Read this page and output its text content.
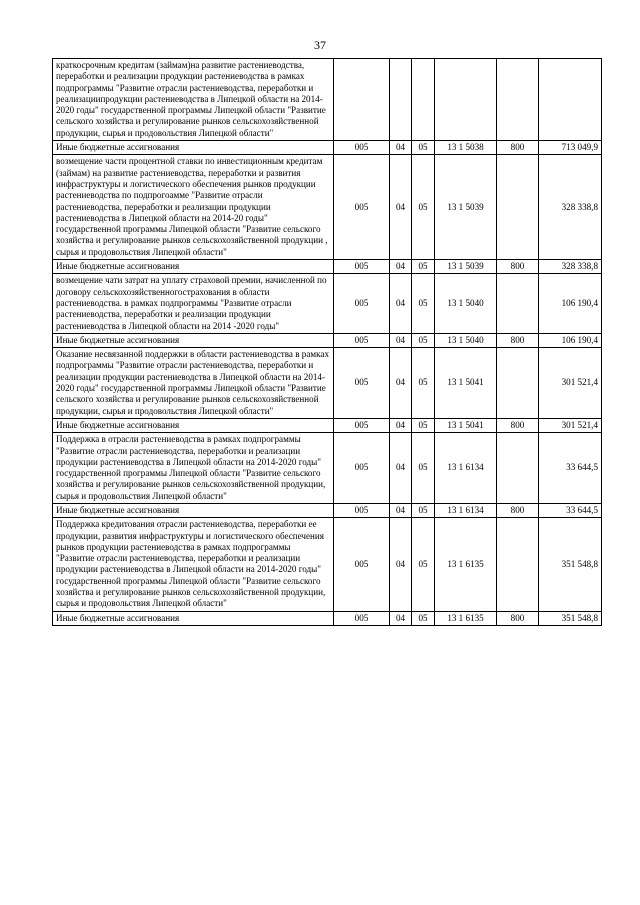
37
краткосрочным кредитам (займам)на развитие растениеводства, переработки и реализации продукции растениеводства в рамках подпрограммы "Развитие отрасли растениеводства, переработки и реализациипродукции растениеводства в Липецкой области на 2014-2020 годы" государственной программы Липецкой области "Развитие сельского хозяйства и регулирование рынков сельскохозяйственной продукции, сырья и продовольствия Липецкой области"						
Иные бюджетные ассигнования	005	04	05	13 1 5038	800	713 049,9
возмещение части процентной ставки по инвестиционным кредитам (займам) на развитие растениеводства, переработки и развития инфраструктуры и логистического обеспечения рынков продукции растениеводства по подпрогоамме "Развитие отрасли растениеводства, переработки и реализации продукции растениеводства в Липецкой области на 2014-20 годы" государственной программы Липецкой области "Развитие сельского хозяйства и регулирование рынков сельскохозяйственной продукции , сырья и продовольствия Липецкой области"	005	04	05	13 1 5039		328 338,8
Иные бюджетные ассигнования	005	04	05	13 1 5039	800	328 338,8
возмещение чати затрат на уплату страховой премии, начисленной по договору сельскохозяйственногострахования в области растениеводства. в рамках подпрограммы "Развитие отрасли растениеводства, переработки и реализации продукции растениеводства в Липецкой области на 2014 -2020 годы"	005	04	05	13 1 5040		106 190,4
Иные бюджетные ассигнования	005	04	05	13 1 5040	800	106 190,4
Оказание несвязанной поддержки в области растениеводства в рамках подпрограммы "Развитие отрасли растениеводства, переработки и реализации продукции растениеводства в Липецкой области на 2014-2020 годы" государственной программы Липецкой области "Развитие сельского хозяйства и регулирование рынков сельскохозяйственной продукции, сырья и продовольствия Липецкой области"	005	04	05	13 1 5041		301 521,4
Иные бюджетные ассигнования	005	04	05	13 1 5041	800	301 521,4
Поддержка в отрасли растениеводства в рамках подпрограммы "Развитие отрасли растениеводства, переработки и реализации продукции растениеводства в Липецкой области на 2014-2020 годы" государственной программы Липецкой области "Развитие сельского хозяйства и регулирование рынков сельскохозяйственной продукции, сырья и продовольствия Липецкой области"	005	04	05	13 1 6134		33 644,5
Иные бюджетные ассигнования	005	04	05	13 1 6134	800	33 644,5
Поддержка кредитования отрасли растениеводства, переработки ее продукции, развития инфраструктуры и логистического обеспечения рынков продукции растениеводства в рамках подпрограммы "Развитие отрасли растениеводства, переработки и реализации продукции растениеводства в Липецкой области на 2014-2020 годы" государственной программы Липецкой области "Развитие сельского хозяйства и регулирование рынков сельскохозяйственной продукции, сырья и продовольствия Липецкой области"	005	04	05	13 1 6135		351 548,8
Иные бюджетные ассигнования	005	04	05	13 1 6135	800	351 548,8
